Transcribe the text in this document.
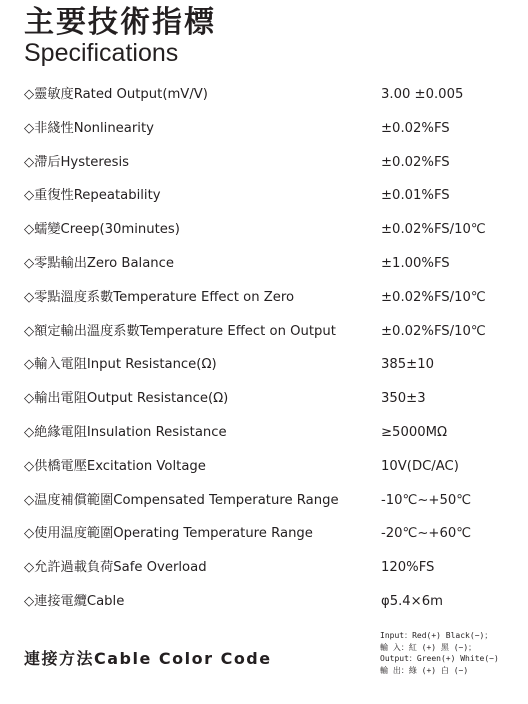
主要技術指標
Specifications
◇靈敏度Rated Output(mV/V)	3.00 ±0.005
◇非綫性Nonlinearity	±0.02%FS
◇滯后Hysteresis	±0.02%FS
◇重復性Repeatability	±0.01%FS
◇蠕變Creep(30minutes)	±0.02%FS/10℃
◇零點輸出Zero Balance	±1.00%FS
◇零點溫度系數Temperature Effect on Zero	±0.02%FS/10℃
◇額定輸出溫度系數Temperature Effect on Output	±0.02%FS/10℃
◇輸入電阻Input Resistance(Ω)	385±10
◇輸出電阻Output Resistance(Ω)	350±3
◇絶緣電阻Insulation Resistance	≥5000MΩ
◇供橋電壓Excitation Voltage	10V(DC/AC)
◇温度補償範圍Compensated Temperature Range	-10℃~+50℃
◇使用温度範圍Operating Temperature Range	-20℃~+60℃
◇允許過載負荷Safe Overload	120%FS
◇連接電纜Cable	φ5.4×6m
連接方法Cable Color Code
Input：Red(+) Black(−)；
輸 入：紅 (+) 黑 (−)；
Output：Green(+) White(−)
輸 出：綠 (+) 白 (−)
